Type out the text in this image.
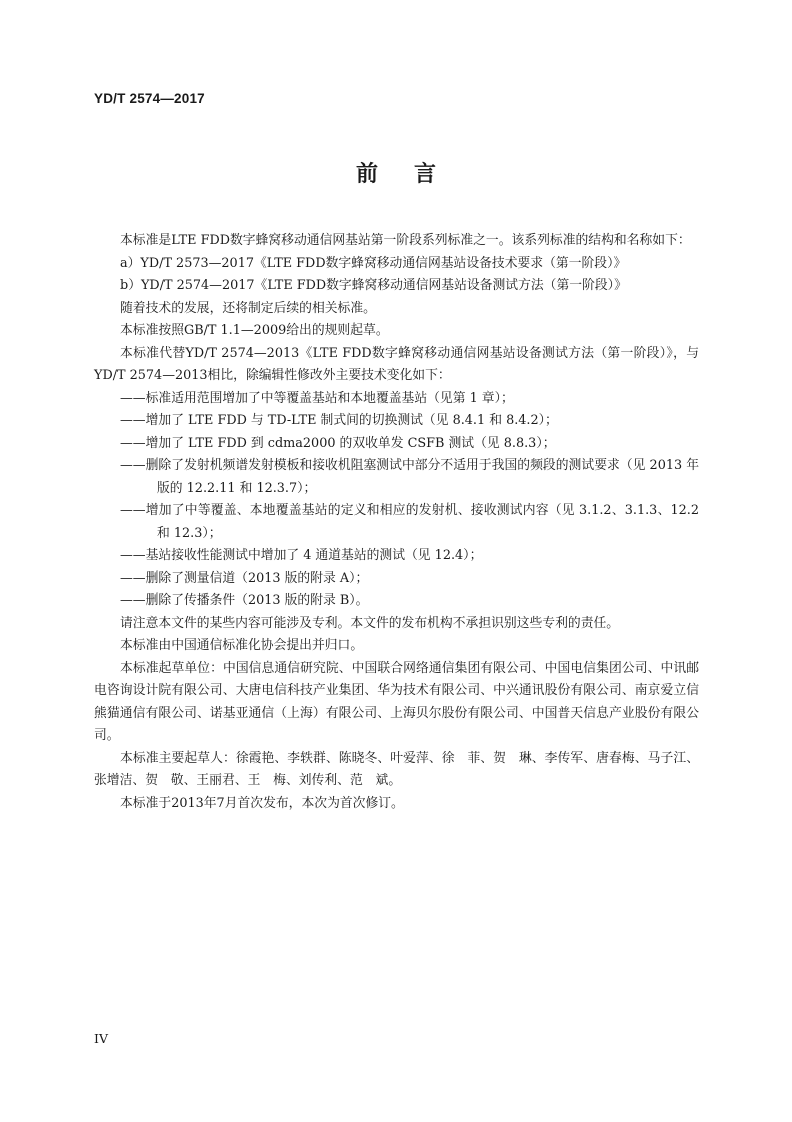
YD/T 2574—2017
前言

本标准是LTE FDD数字蜂窝移动通信网基站第一阶段系列标准之一。该系列标准的结构和名称如下：

a）YD/T 2573—2017《LTE FDD数字蜂窝移动通信网基站设备技术要求（第一阶段）》

b）YD/T 2574—2017《LTE FDD数字蜂窝移动通信网基站设备测试方法（第一阶段）》

随着技术的发展，还将制定后续的相关标准。

本标准按照GB/T 1.1—2009给出的规则起草。

本标准代替YD/T 2574—2013《LTE FDD数字蜂窝移动通信网基站设备测试方法（第一阶段）》，与YD/T 2574—2013相比，除编辑性修改外主要技术变化如下：

——标准适用范围增加了中等覆盖基站和本地覆盖基站（见第 1 章）；

——增加了 LTE FDD 与 TD-LTE 制式间的切换测试（见 8.4.1 和 8.4.2）；

——增加了 LTE FDD 到 cdma2000 的双收单发 CSFB 测试（见 8.8.3）；

——删除了发射机频谱发射模板和接收机阻塞测试中部分不适用于我国的频段的测试要求（见 2013 年版的 12.2.11 和 12.3.7）；

——增加了中等覆盖、本地覆盖基站的定义和相应的发射机、接收测试内容（见 3.1.2、3.1.3、12.2 和 12.3）；

——基站接收性能测试中增加了 4 通道基站的测试（见 12.4）；

——删除了测量信道（2013 版的附录 A）；

——删除了传播条件（2013 版的附录 B）。

请注意本文件的某些内容可能涉及专利。本文件的发布机构不承担识别这些专利的责任。

本标准由中国通信标准化协会提出并归口。

本标准起草单位：中国信息通信研究院、中国联合网络通信集团有限公司、中国电信集团公司、中讯邮电咨询设计院有限公司、大唐电信科技产业集团、华为技术有限公司、中兴通讯股份有限公司、南京爱立信熊猫通信有限公司、诺基亚通信（上海）有限公司、上海贝尔股份有限公司、中国普天信息产业股份有限公司。

本标准主要起草人：徐霞艳、李轶群、陈晓冬、叶爱萍、徐　菲、贺　琳、李传军、唐春梅、马子江、张增洁、贺　敬、王丽君、王　梅、刘传利、范　斌。

本标准于2013年7月首次发布，本次为首次修订。

IV
